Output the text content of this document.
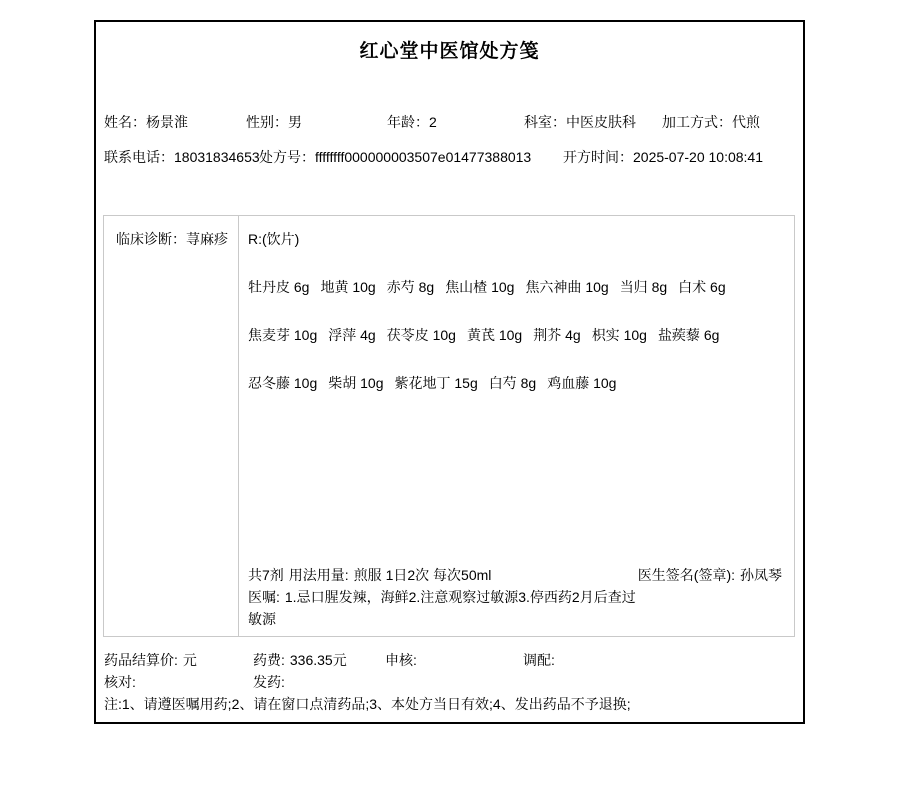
红心堂中医馆处方笺
姓名：杨景淮	性别：男	年龄：2	科室：中医皮肤科 加工方式：代煎
联系电话：18031834653 处方号：ffffffff000000003507e01477388013 开方时间：2025-07-20 10:08:41
临床诊断：荨麻疹	R:(饮片)
牡丹皮 6g 地黄 10g 赤芍 8g 焦山楂 10g 焦六神曲 10g 当归 8g 白术 6g
焦麦芽 10g 浮萍 4g 茯苓皮 10g 黄芪 10g 荆芥 4g 枳实 10g 盐蒺藜 6g
忍冬藤 10g 柴胡 10g 紫花地丁 15g 白芍 8g 鸡血藤 10g
共7剂 用法用量: 煎服 1日2次 每次50ml	医生签名(签章): 孙凤琴
医嘱: 1.忌口腥发辣，海鲜2.注意观察过敏源3.停西药2月后查过敏源
药品结算价: 元	药费: 336.35元	申核:	调配:
核对:	发药:
注:1、请遵医嘱用药;2、请在窗口点清药品;3、本处方当日有效;4、发出药品不予退换;
